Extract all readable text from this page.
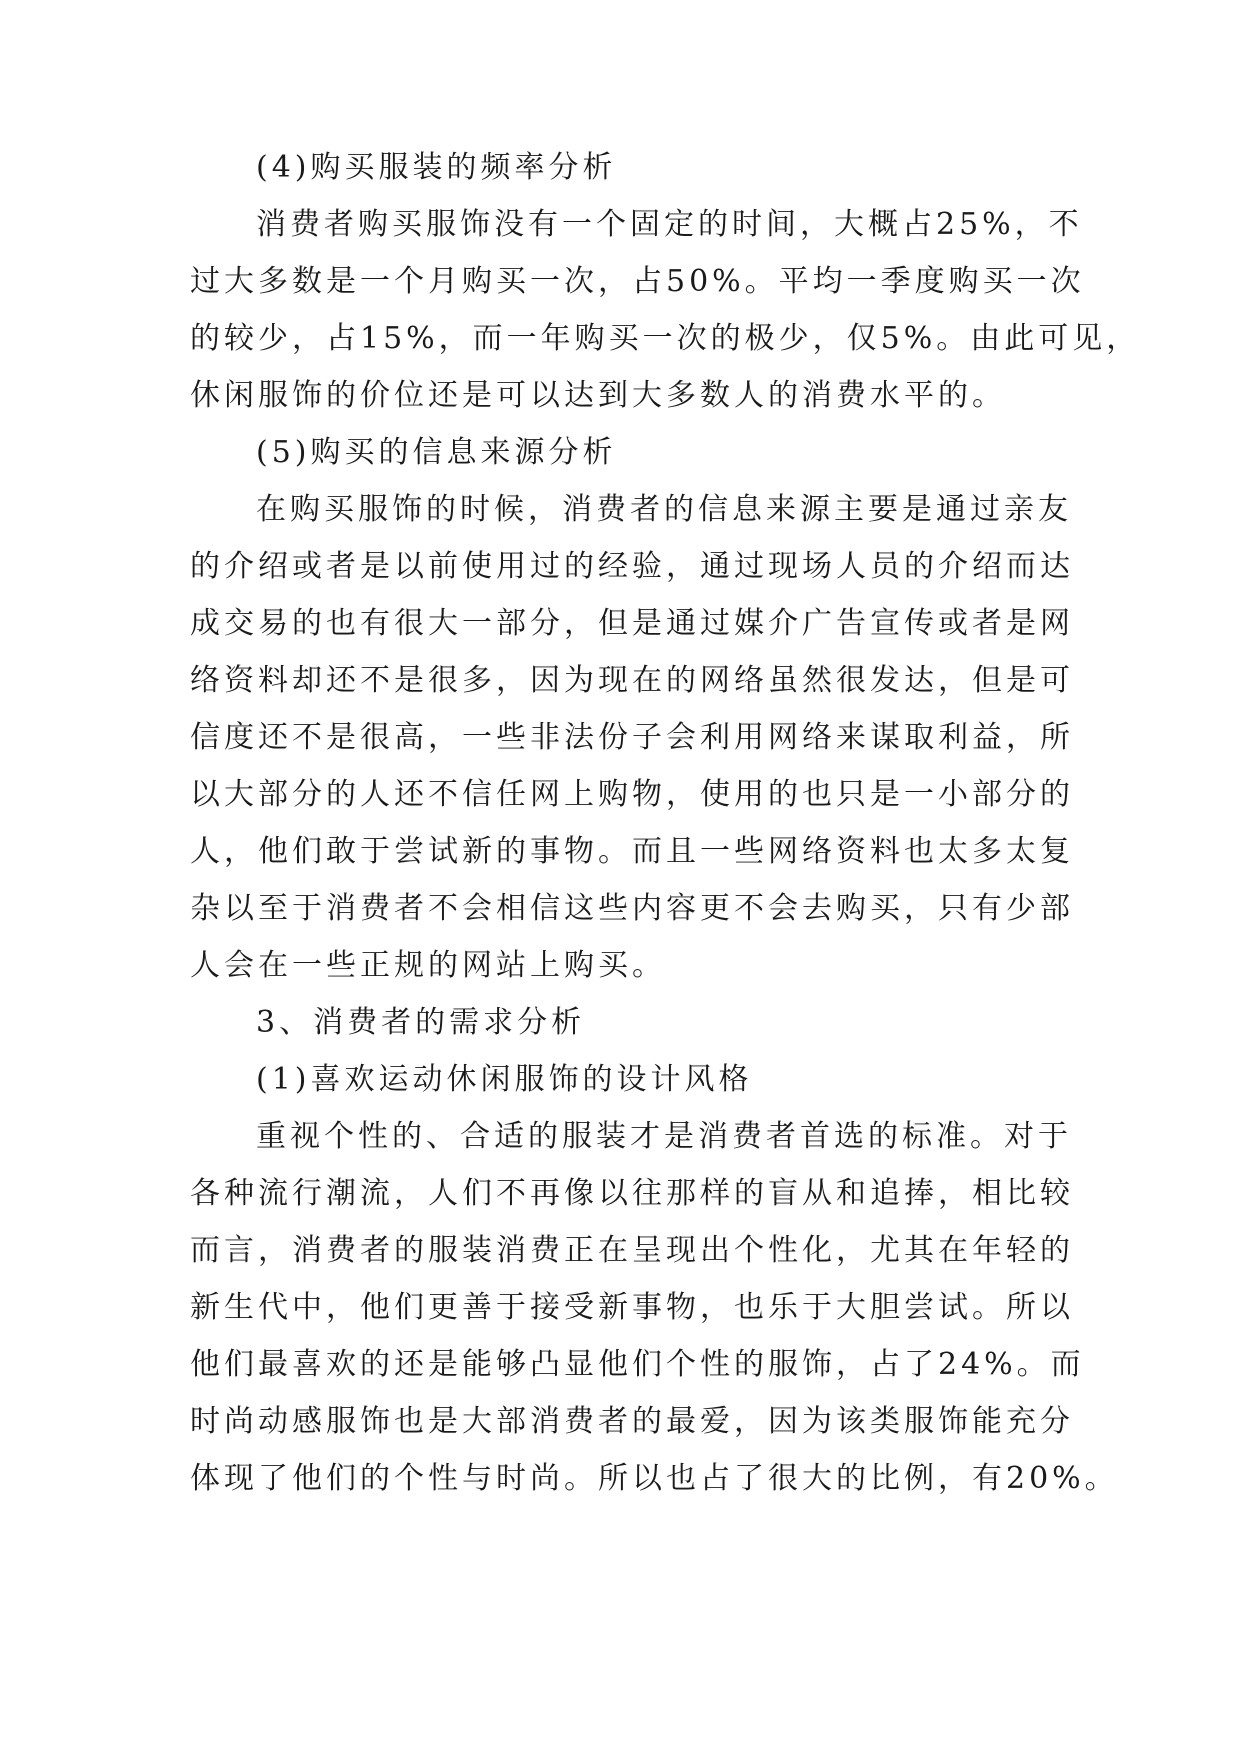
(4)购买服装的频率分析
消费者购买服饰没有一个固定的时间，大概占25%，不
过大多数是一个月购买一次，占50%。平均一季度购买一次
的较少，占15%，而一年购买一次的极少，仅5%。由此可见，
休闲服饰的价位还是可以达到大多数人的消费水平的。
(5)购买的信息来源分析
在购买服饰的时候，消费者的信息来源主要是通过亲友
的介绍或者是以前使用过的经验，通过现场人员的介绍而达
成交易的也有很大一部分，但是通过媒介广告宣传或者是网
络资料却还不是很多，因为现在的网络虽然很发达，但是可
信度还不是很高，一些非法份子会利用网络来谋取利益，所
以大部分的人还不信任网上购物，使用的也只是一小部分的
人，他们敢于尝试新的事物。而且一些网络资料也太多太复
杂以至于消费者不会相信这些内容更不会去购买，只有少部
人会在一些正规的网站上购买。
3、消费者的需求分析
(1)喜欢运动休闲服饰的设计风格
重视个性的、合适的服装才是消费者首选的标准。对于
各种流行潮流，人们不再像以往那样的盲从和追捧，相比较
而言，消费者的服装消费正在呈现出个性化，尤其在年轻的
新生代中，他们更善于接受新事物，也乐于大胆尝试。所以
他们最喜欢的还是能够凸显他们个性的服饰，占了24%。而
时尚动感服饰也是大部消费者的最爱，因为该类服饰能充分
体现了他们的个性与时尚。所以也占了很大的比例，有20%。
